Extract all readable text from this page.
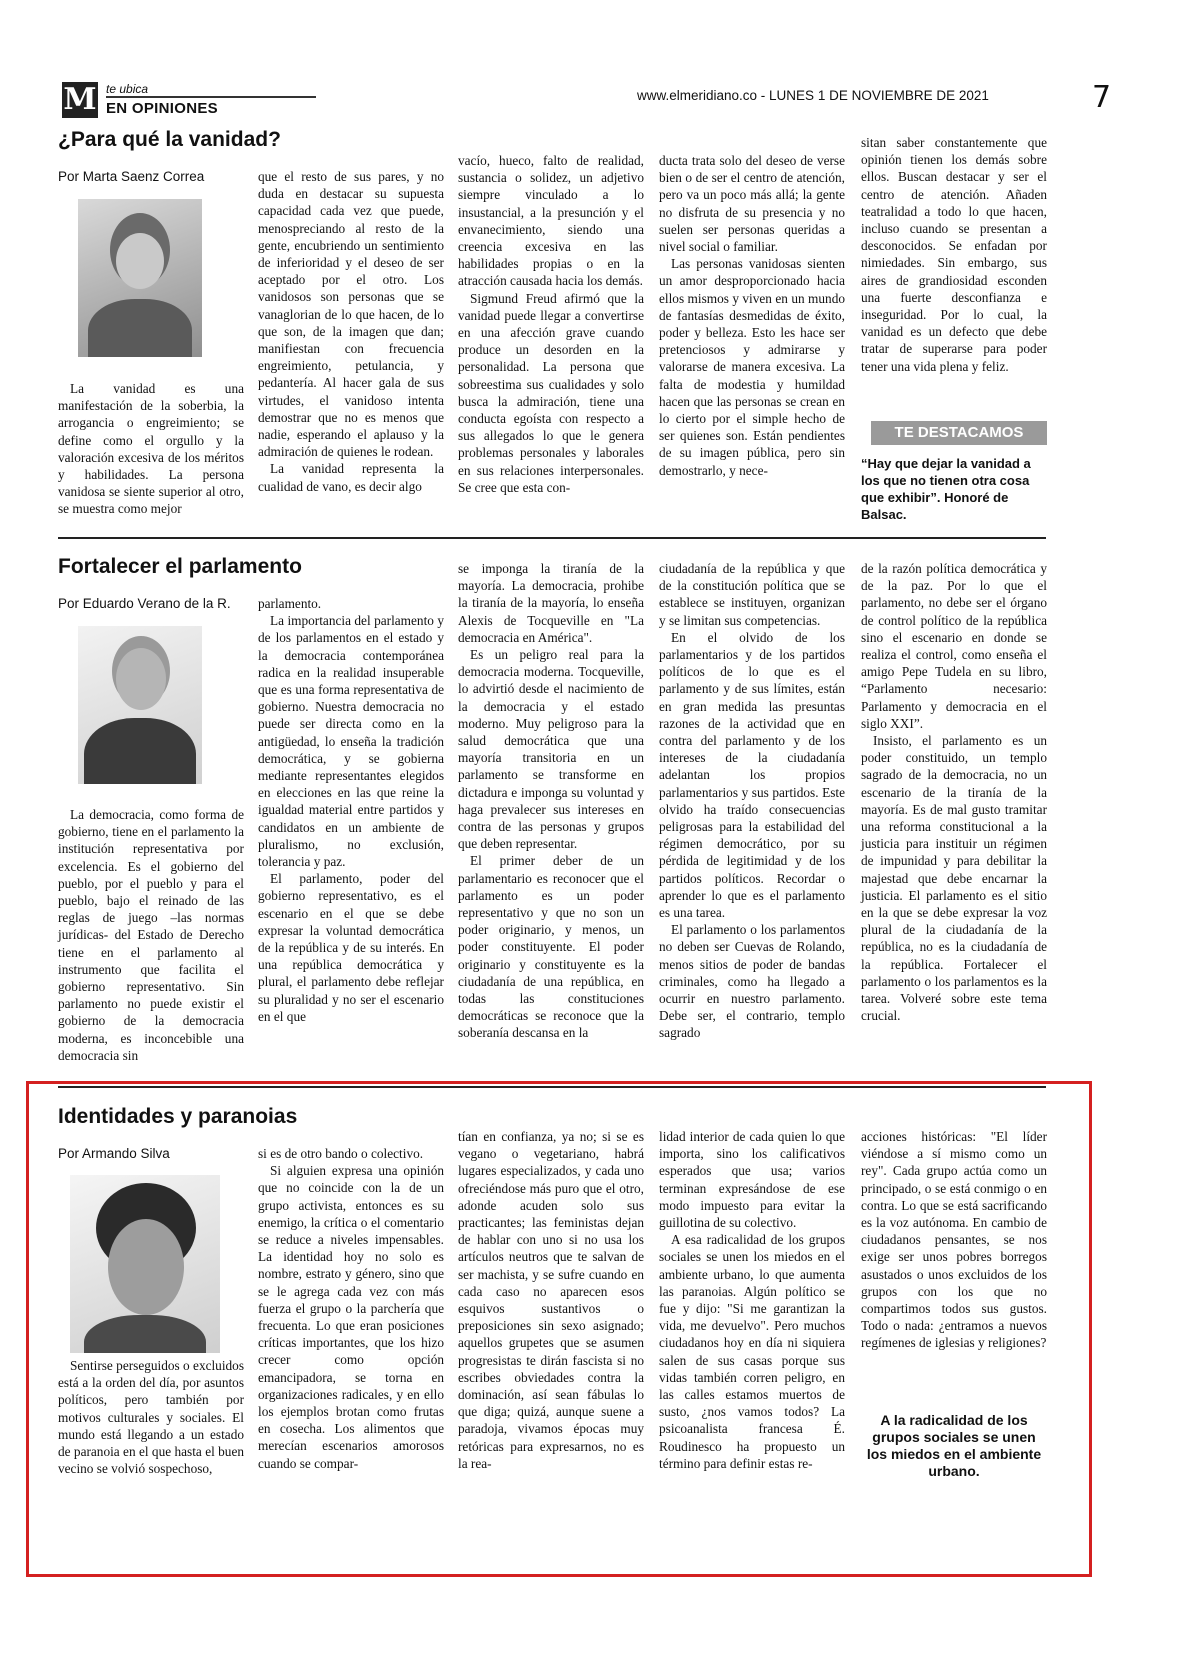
M te ubica
EN OPINIONES
www.elmeridiano.co - LUNES 1 DE NOVIEMBRE DE 2021	7
¿Para qué la vanidad?
Por Marta Saenz Correa

La vanidad es una manifestación de la soberbia, la arrogancia o engreimiento; se define como el orgullo y la valoración excesiva de los méritos y habilidades. La persona vanidosa se siente superior al otro, se muestra como mejor

que el resto de sus pares, y no duda en destacar su supuesta capacidad cada vez que puede, menospreciando al resto de la gente, encubriendo un sentimiento de inferioridad y el deseo de ser aceptado por el otro. Los vanidosos son personas que se vanaglorian de lo que hacen, de lo que son, de la imagen que dan; manifiestan con frecuencia engreimiento, petulancia, y pedantería. Al hacer gala de sus virtudes, el vanidoso intenta demostrar que no es menos que nadie, esperando el aplauso y la admiración de quienes le rodean.

La vanidad representa la cualidad de vano, es decir algo

vacío, hueco, falto de realidad, sustancia o solidez, un adjetivo siempre vinculado a lo insustancial, a la presunción y el envanecimiento, siendo una creencia excesiva en las habilidades propias o en la atracción causada hacia los demás.

Sigmund Freud afirmó que la vanidad puede llegar a convertirse en una afección grave cuando produce un desorden en la personalidad. La persona que sobreestima sus cualidades y solo busca la admiración, tiene una conducta egoísta con respecto a sus allegados lo que le genera problemas personales y laborales en sus relaciones interpersonales. Se cree que esta con-

ducta trata solo del deseo de verse bien o de ser el centro de atención, pero va un poco más allá; la gente no disfruta de su presencia y no suelen ser personas queridas a nivel social o familiar.

Las personas vanidosas sienten un amor desproporcionado hacia ellos mismos y viven en un mundo de fantasías desmedidas de éxito, poder y belleza. Esto les hace ser pretenciosos y admirarse y valorarse de manera excesiva. La falta de modestia y humildad hacen que las personas se crean en lo cierto por el simple hecho de ser quienes son. Están pendientes de su imagen pública, pero sin demostrarlo, y nece-

sitan saber constantemente que opinión tienen los demás sobre ellos. Buscan destacar y ser el centro de atención. Añaden teatralidad a todo lo que hacen, incluso cuando se presentan a desconocidos. Se enfadan por nimiedades. Sin embargo, sus aires de grandiosidad esconden una fuerte desconfianza e inseguridad. Por lo cual, la vanidad es un defecto que debe tratar de superarse para poder tener una vida plena y feliz.

TE DESTACAMOS
“Hay que dejar la vanidad a los que no tienen otra cosa que exhibir”. Honoré de Balsac.
Fortalecer el parlamento
Por Eduardo Verano de la R.

La democracia, como forma de gobierno, tiene en el parlamento la institución representativa por excelencia. Es el gobierno del pueblo, por el pueblo y para el pueblo, bajo el reinado de las reglas de juego –las normas jurídicas- del Estado de Derecho tiene en el parlamento al instrumento que facilita el gobierno representativo. Sin parlamento no puede existir el gobierno de la democracia moderna, es inconcebible una democracia sin

parlamento.

La importancia del parlamento y de los parlamentos en el estado y la democracia contemporánea radica en la realidad insuperable que es una forma representativa de gobierno. Nuestra democracia no puede ser directa como en la antigüedad, lo enseña la tradición democrática, y se gobierna mediante representantes elegidos en elecciones en las que reine la igualdad material entre partidos y candidatos en un ambiente de pluralismo, no exclusión, tolerancia y paz.

El parlamento, poder del gobierno representativo, es el escenario en el que se debe expresar la voluntad democrática de la república y de su interés. En una república democrática y plural, el parlamento debe reflejar su pluralidad y no ser el escenario en el que

se imponga la tiranía de la mayoría. La democracia, prohibe la tiranía de la mayoría, lo enseña Alexis de Tocqueville en "La democracia en América".

Es un peligro real para la democracia moderna. Tocqueville, lo advirtió desde el nacimiento de la democracia y el estado moderno. Muy peligroso para la salud democrática que una mayoría transitoria en un parlamento se transforme en dictadura e imponga su voluntad y haga prevalecer sus intereses en contra de las personas y grupos que deben representar.

El primer deber de un parlamentario es reconocer que el parlamento es un poder representativo y que no son un poder originario, y menos, un poder constituyente. El poder originario y constituyente es la ciudadanía de una república, en todas las constituciones democráticas se reconoce que la soberanía descansa en la

ciudadanía de la república y que de la constitución política que se establece se instituyen, organizan y se limitan sus competencias.

En el olvido de los parlamentarios y de los partidos políticos de lo que es el parlamento y de sus límites, están en gran medida las presuntas razones de la actividad que en contra del parlamento y de los intereses de la ciudadanía adelantan los propios parlamentarios y sus partidos. Este olvido ha traído consecuencias peligrosas para la estabilidad del régimen democrático, por su pérdida de legitimidad y de los partidos políticos. Recordar o aprender lo que es el parlamento es una tarea.

El parlamento o los parlamentos no deben ser Cuevas de Rolando, menos sitios de poder de bandas criminales, como ha llegado a ocurrir en nuestro parlamento. Debe ser, el contrario, templo sagrado

de la razón política democrática y de la paz. Por lo que el parlamento, no debe ser el órgano de control político de la república sino el escenario en donde se realiza el control, como enseña el amigo Pepe Tudela en su libro, “Parlamento necesario: Parlamento y democracia en el siglo XXI”.

Insisto, el parlamento es un poder constituido, un templo sagrado de la democracia, no un escenario de la tiranía de la mayoría. Es de mal gusto tramitar una reforma constitucional a la justicia para instituir un régimen de impunidad y para debilitar la majestad que debe encarnar la justicia. El parlamento es el sitio en la que se debe expresar la voz plural de la ciudadanía de la república, no es la ciudadanía de la república. Fortalecer el parlamento o los parlamentos es la tarea. Volveré sobre este tema crucial.

Identidades y paranoias
Por Armando Silva

Sentirse perseguidos o excluidos está a la orden del día, por asuntos políticos, pero también por motivos culturales y sociales. El mundo está llegando a un estado de paranoia en el que hasta el buen vecino se volvió sospechoso,

si es de otro bando o colectivo.

Si alguien expresa una opinión que no coincide con la de un grupo activista, entonces es su enemigo, la crítica o el comentario se reduce a niveles impensables. La identidad hoy no solo es nombre, estrato y género, sino que se le agrega cada vez con más fuerza el grupo o la parchería que frecuenta. Lo que eran posiciones críticas importantes, que los hizo crecer como opción emancipadora, se torna en organizaciones radicales, y en ello los ejemplos brotan como frutas en cosecha. Los alimentos que merecían escenarios amorosos cuando se compar-

tían en confianza, ya no; si se es vegano o vegetariano, habrá lugares especializados, y cada uno ofreciéndose más puro que el otro, adonde acuden solo sus practicantes; las feministas dejan de hablar con uno si no usa los artículos neutros que te salvan de ser machista, y se sufre cuando en cada caso no aparecen esos esquivos sustantivos o preposiciones sin sexo asignado; aquellos grupetes que se asumen progresistas te dirán fascista si no escribes obviedades contra la dominación, así sean fábulas lo que diga; quizá, aunque suene a paradoja, vivamos épocas muy retóricas para expresarnos, no es la rea-

lidad interior de cada quien lo que importa, sino los calificativos esperados que usa; varios terminan expresándose de ese modo impuesto para evitar la guillotina de su colectivo.

A esa radicalidad de los grupos sociales se unen los miedos en el ambiente urbano, lo que aumenta las paranoias. Algún político se fue y dijo: "Si me garantizan la vida, me devuelvo". Pero muchos ciudadanos hoy en día ni siquiera salen de sus casas porque sus vidas también corren peligro, en las calles estamos muertos de susto, ¿nos vamos todos? La psicoanalista francesa É. Roudinesco ha propuesto un término para definir estas re-

acciones históricas: "El líder viéndose a sí mismo como un rey". Cada grupo actúa como un principado, o se está conmigo o en contra. Lo que se está sacrificando es la voz autónoma. En cambio de ciudadanos pensantes, se nos exige ser unos pobres borregos asustados o unos excluidos de los grupos con los que no compartimos todos sus gustos. Todo o nada: ¿entramos a nuevos regímenes de iglesias y religiones?

A la radicalidad de los grupos sociales se unen los miedos en el ambiente urbano.
